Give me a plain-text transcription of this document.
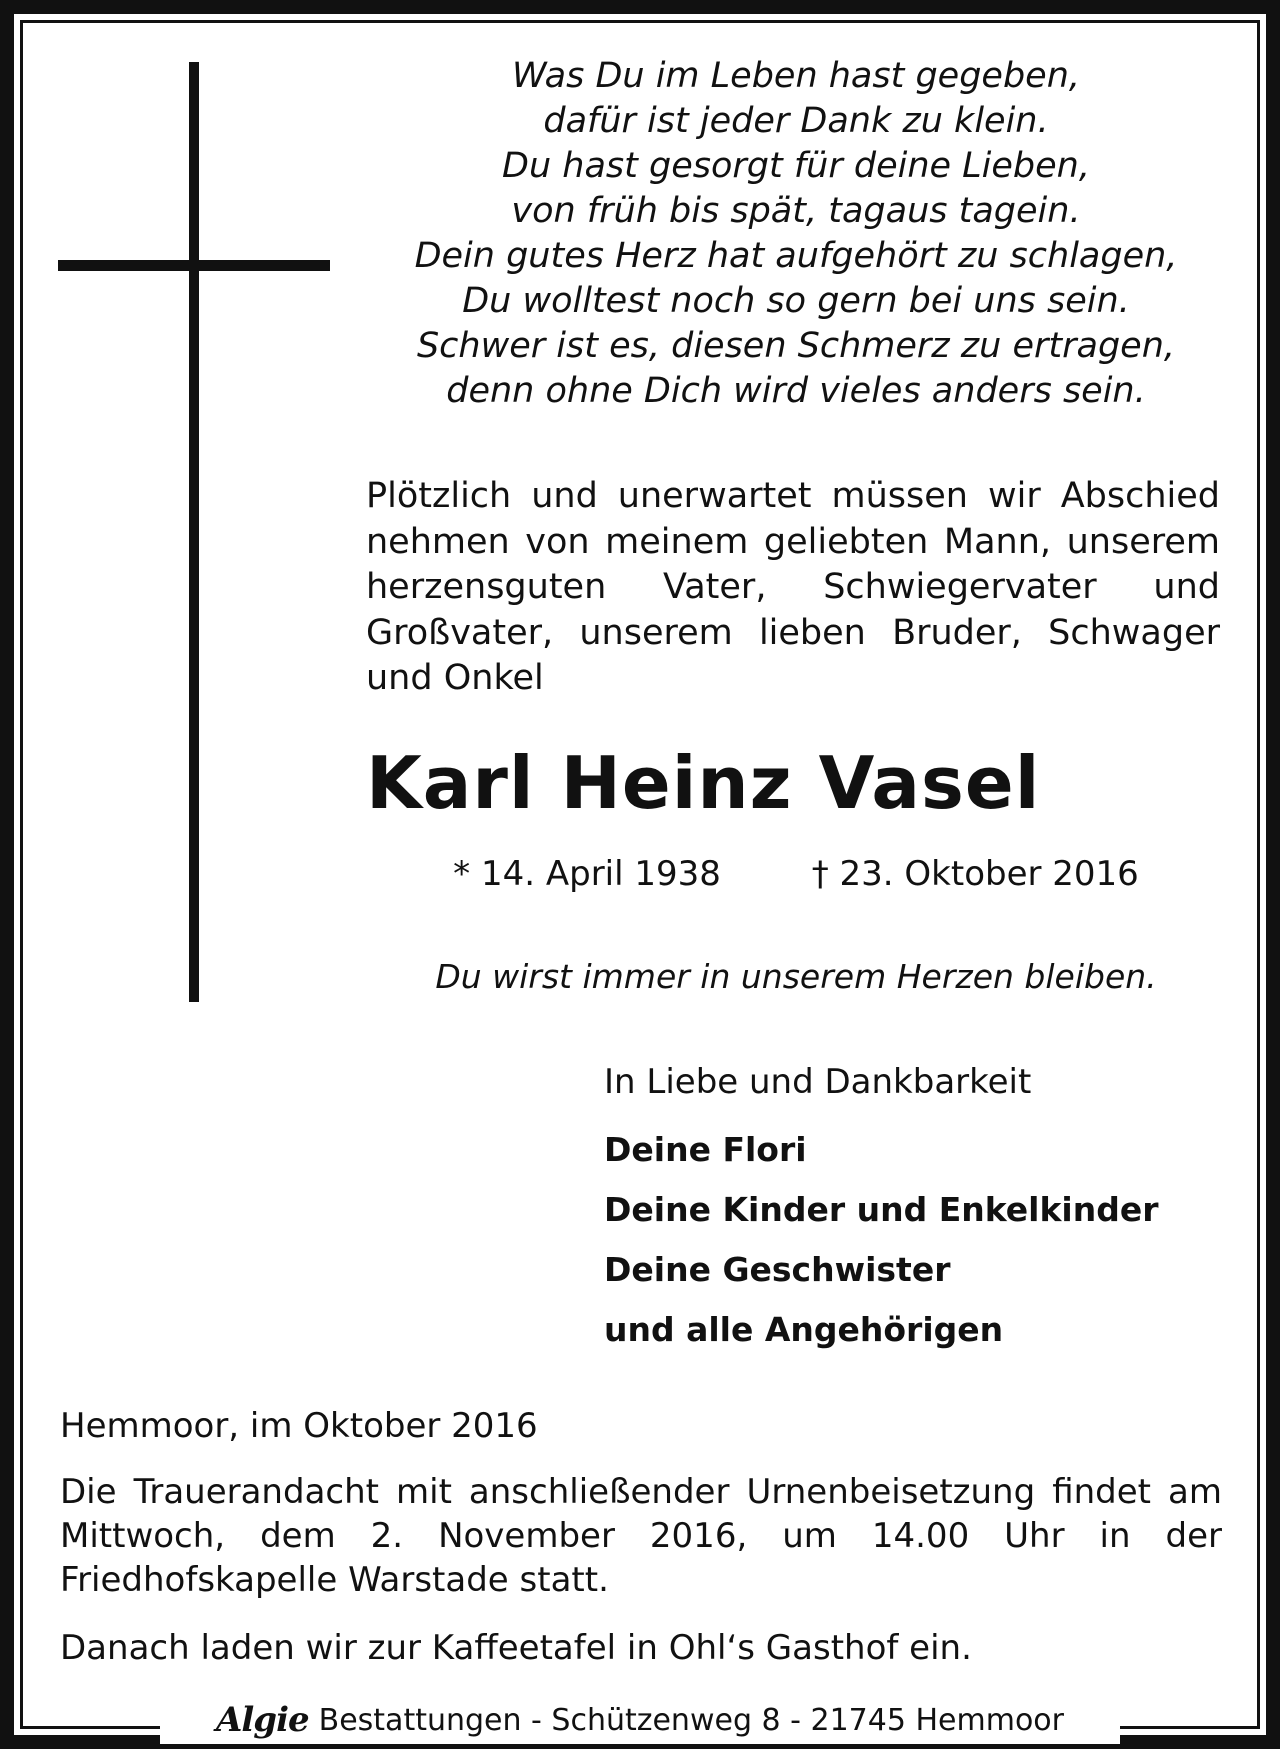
Was Du im Leben hast gegeben,
dafür ist jeder Dank zu klein.
Du hast gesorgt für deine Lieben,
von früh bis spät, tagaus tagein.
Dein gutes Herz hat aufgehört zu schlagen,
Du wolltest noch so gern bei uns sein.
Schwer ist es, diesen Schmerz zu ertragen,
denn ohne Dich wird vieles anders sein.
Plötzlich und unerwartet müssen wir Abschied nehmen von meinem geliebten Mann, unserem herzensguten Vater, Schwiegervater und Großvater, unserem lieben Bruder, Schwager und Onkel
Karl Heinz Vasel
* 14. April 1938	† 23. Oktober 2016
Du wirst immer in unserem Herzen bleiben.
In Liebe und Dankbarkeit
Deine Flori
Deine Kinder und Enkelkinder
Deine Geschwister
und alle Angehörigen
Hemmoor, im Oktober 2016
Die Trauerandacht mit anschließender Urnenbeisetzung findet am Mittwoch, dem 2. November 2016, um 14.00 Uhr in der Friedhofskapelle Warstade statt.
Danach laden wir zur Kaffeetafel in Ohl‘s Gasthof ein.
Algie Bestattungen - Schützenweg 8 - 21745 Hemmoor
